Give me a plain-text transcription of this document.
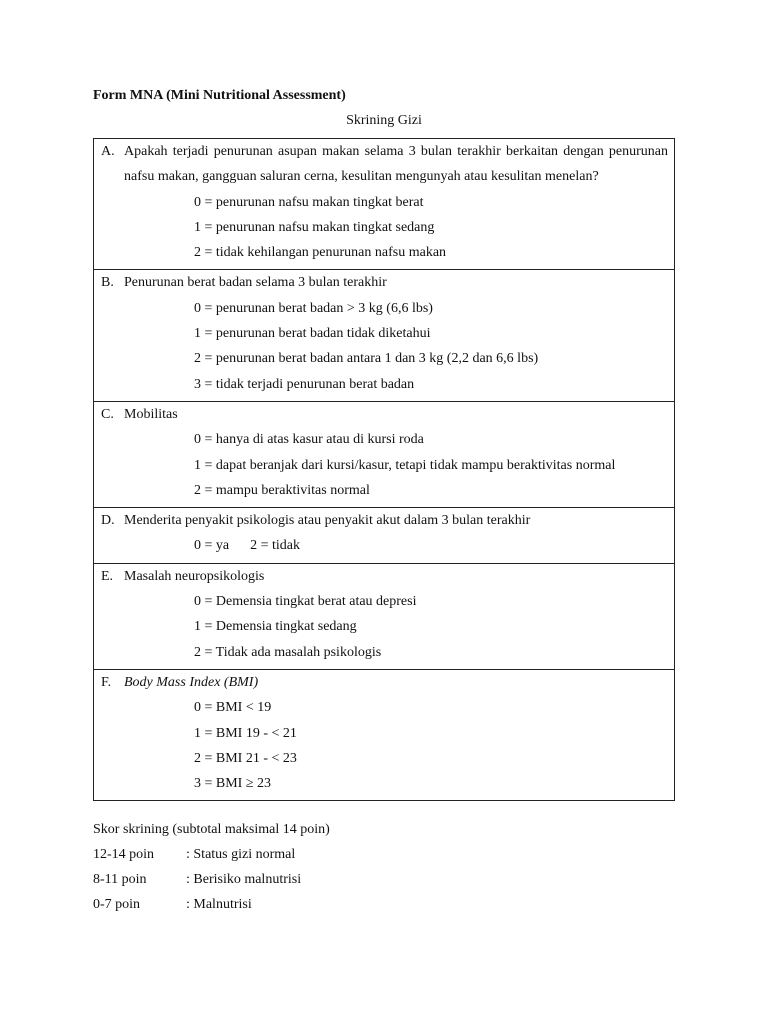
Form MNA (Mini Nutritional Assessment)
Skrining Gizi
A. Apakah terjadi penurunan asupan makan selama 3 bulan terakhir berkaitan dengan penurunan nafsu makan, gangguan saluran cerna, kesulitan mengunyah atau kesulitan menelan?
0 = penurunan nafsu makan tingkat berat
1 = penurunan nafsu makan tingkat sedang
2 = tidak kehilangan penurunan nafsu makan

B. Penurunan berat badan selama 3 bulan terakhir
0 = penurunan berat badan > 3 kg (6,6 lbs)
1 = penurunan berat badan tidak diketahui
2 = penurunan berat badan antara 1 dan 3 kg (2,2 dan 6,6 lbs)
3 = tidak terjadi penurunan berat badan

C. Mobilitas
0 = hanya di atas kasur atau di kursi roda
1 = dapat beranjak dari kursi/kasur, tetapi tidak mampu beraktivitas normal
2 = mampu beraktivitas normal

D. Menderita penyakit psikologis atau penyakit akut dalam 3 bulan terakhir
0 = ya      2 = tidak

E. Masalah neuropsikologis
0 = Demensia tingkat berat atau depresi
1 = Demensia tingkat sedang
2 = Tidak ada masalah psikologis

F. Body Mass Index (BMI)
0 = BMI < 19
1 = BMI 19 - < 21
2 = BMI 21 - < 23
3 = BMI ≥ 23
Skor skrining (subtotal maksimal 14 poin)
12-14 poin : Status gizi normal
8-11 poin	: Berisiko malnutrisi
0-7 poin	: Malnutrisi
